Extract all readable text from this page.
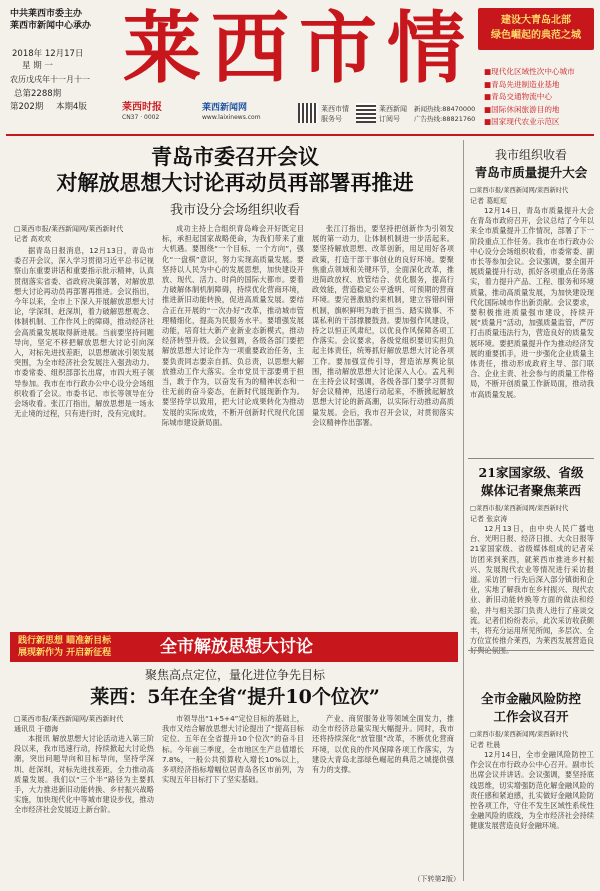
中共莱西市委主办
莱西市新闻中心承办
2018年 12月17日
星 期 一
农历戊戌年十一月十一
总第2288期
第202期 本期4版
莱西市情	建设大青岛北部
绿色崛起的典范之城
■现代化区域性次中心城市
■青岛先进制造业基地
■青岛交通物流中心
■国际休闲旅游目的地
■国家现代农业示范区
莱西时报
CN37 · 0002
莱西新闻网
www.laixinews.com
莱西市情
服务号
莱西新闻
订阅号
新闻热线:88470000
广告热线:88821760
青岛市委召开会议
对解放思想大讨论再动员再部署再推进
我市设分会场组织收看
□莱西市报/莱西新闻网/莱西新时代
记者 高欢欢
据青岛日报消息，12月13日，青岛市委召开会议，深入学习贯彻习近平总书记视察山东重要讲话和重要指示批示精神，认真贯彻落实省委、省政府决策部署，对解放思想大讨论再动员再部署再推进。会议指出，今年以来，全市上下深入开展解放思想大讨论，学深圳、赶深圳，着力破解思想观念、体制机制、工作作风上的障碍，推动经济社会高质量发展取得新进展。当前要坚持问题导向，坚定不移把解放思想大讨论引向深入，对标先进找差距，以思想破冰引领发展突围，为全市经济社会发展注入强劲动力。市委常委、组织部部长出席，市四大班子领导参加。我市在市行政办公中心设分会场组织收看了会议。市委书记、市长等领导在分会场收看。张江汀指出，解放思想是一场永无止境的过程，只有进行时，没有完成时。
成功主持上合组织青岛峰会开好既定目标，承担起国家战略使命，为我们带来了重大机遇。要围绕“一个目标、一个方向”，强化“一盘棋”意识，努力实现高质量发展。要坚持以人民为中心的发展思想，加快建设开放、现代、活力、时尚的国际大都市。要着力破解体制机制障碍，持续优化营商环境，推进新旧动能转换，促进高质量发展。要结合正在开展的“一次办好”改革，推动城市管理精细化，提高为民服务水平。要增强发展动能，培育壮大新产业新业态新模式，推动经济转型升级。会议强调，各级各部门要把解放思想大讨论作为一项重要政治任务，主要负责同志要亲自抓、负总责，以思想大解放推动工作大落实。全市党员干部要勇于担当，敢于作为，以奋发有为的精神状态和一往无前的奋斗姿态，在新时代展现新作为。要坚持学以致用，把大讨论成果转化为推动发展的实际成效，不断开创新时代现代化国际城市建设新局面。
张江汀指出，要坚持把创新作为引领发展的第一动力，让体制机制进一步活起来。要坚持解放思想、改革创新，用足用好各项政策，打造干部干事创业的良好环境。要聚焦重点领域和关键环节，全面深化改革，推进简政放权、放管结合、优化服务，提高行政效能，营造稳定公平透明、可预期的营商环境。要完善激励约束机制，建立容错纠错机制，旗帜鲜明为敢于担当、踏实做事、不谋私利的干部撑腰鼓劲。要加强作风建设，持之以恒正风肃纪，以优良作风保障各项工作落实。会议要求，各级党组织要切实担负起主体责任，统筹抓好解放思想大讨论各项工作。要加强宣传引导，营造浓厚舆论氛围，推动解放思想大讨论深入人心。孟凡利在主持会议时强调，各级各部门要学习贯彻好会议精神，迅速行动起来，不断掀起解放思想大讨论的新高潮，以实际行动推动高质量发展。会后，我市召开会议，对贯彻落实会议精神作出部署。
我市组织收看
青岛市质量提升大会
□莱西市报/莱西新闻网/莱西新时代
记者 葛虹虹
12月14日，青岛市质量提升大会在青岛市政府召开，会议总结了今年以来全市质量提升工作情况，部署了下一阶段重点工作任务。我市在市行政办公中心设分会场组织收看，市委常委、副市长等参加会议。会议强调，要全面开展质量提升行动，抓好各项重点任务落实，着力提升产品、工程、服务和环境质量，推动高质量发展，为加快建设现代化国际城市作出新贡献。会议要求，要积极推进质量强市建设，持续开展“质量月”活动，加强质量监管，严厉打击质量违法行为，营造良好的质量发展环境。要把质量提升作为推动经济发展的重要抓手，进一步强化企业质量主体责任，推动形成政府主导、部门联合、企业主责、社会参与的质量工作格局，不断开创质量工作新局面，推动我市高质量发展。
21家国家级、省级
媒体记者聚焦莱西
□莱西市报/莱西新闻网/莱西新时代
记者 张京涛
12月13日，由中央人民广播电台、光明日报、经济日报、大众日报等21家国家级、省级媒体组成的记者采访团来到莱西，就莱西市推进乡村振兴、发展现代农业等情况进行采访报道。采访团一行先后深入部分镇街和企业，实地了解我市在乡村振兴、现代农业、新旧动能转换等方面的做法和经验，并与相关部门负责人进行了座谈交流。记者们纷纷表示，此次采访收获颇丰，将充分运用所见所闻，多层次、全方位宣传推介莱西，为莱西发展营造良
践行新思想 瞄准新目标
展现新作为 开启新征程	全市解放思想大讨论
聚焦高点定位，量化进位争先目标
莱西：5年在全省“提升10个位次”
□莱西市报/莱西新闻网/莱西新时代
通讯员 于德海
本报讯 解放思想大讨论活动进入第三阶段以来，我市迅速行动，持续掀起大讨论热潮，突出问题导向和目标导向，坚持学深圳、赶深圳，对标先进找差距，全力推动高质量发展。我们以“三个半”路径为主要抓手，大力推进新旧动能转换、乡村振兴战略实施，加快现代化中等城市建设步伐，推动全市经济社会发展迈上新台阶。
市领导出“1+5+4”定位目标的基础上，我市又结合解放思想大讨论提出了“提高目标定位、五年在全省提升10个位次”的奋斗目标。今年前三季度，全市地区生产总值增长7.8%，一般公共预算收入增长10%以上，多项经济指标增幅位居青岛各区市前列，为实现五年目标打下了坚实基础。
产业、商贸服务业等领域全面发力，推动全市经济总量实现大幅提升。同时，我市还将持续深化“放管服”改革，不断优化营商环境，以优良的作风保障各项工作落实，为建设大青岛北部绿色崛起的典范之城提供强有力的支撑。
（下转第2版）
全市金融风险防控
工作会议召开
□莱西市报/莱西新闻网/莱西新时代
记者 杜晨
12月14日，全市金融风险防控工作会议在市行政办公中心召开。副市长出席会议并讲话。会议强调，要坚持底线思维，切实增强防范化解金融风险的责任感和紧迫感，扎实做好金融风险防控各项工作，守住不发生区域性系统性金融风险的底线，为全市经济社会持续健康发展营造良好金融环境。
